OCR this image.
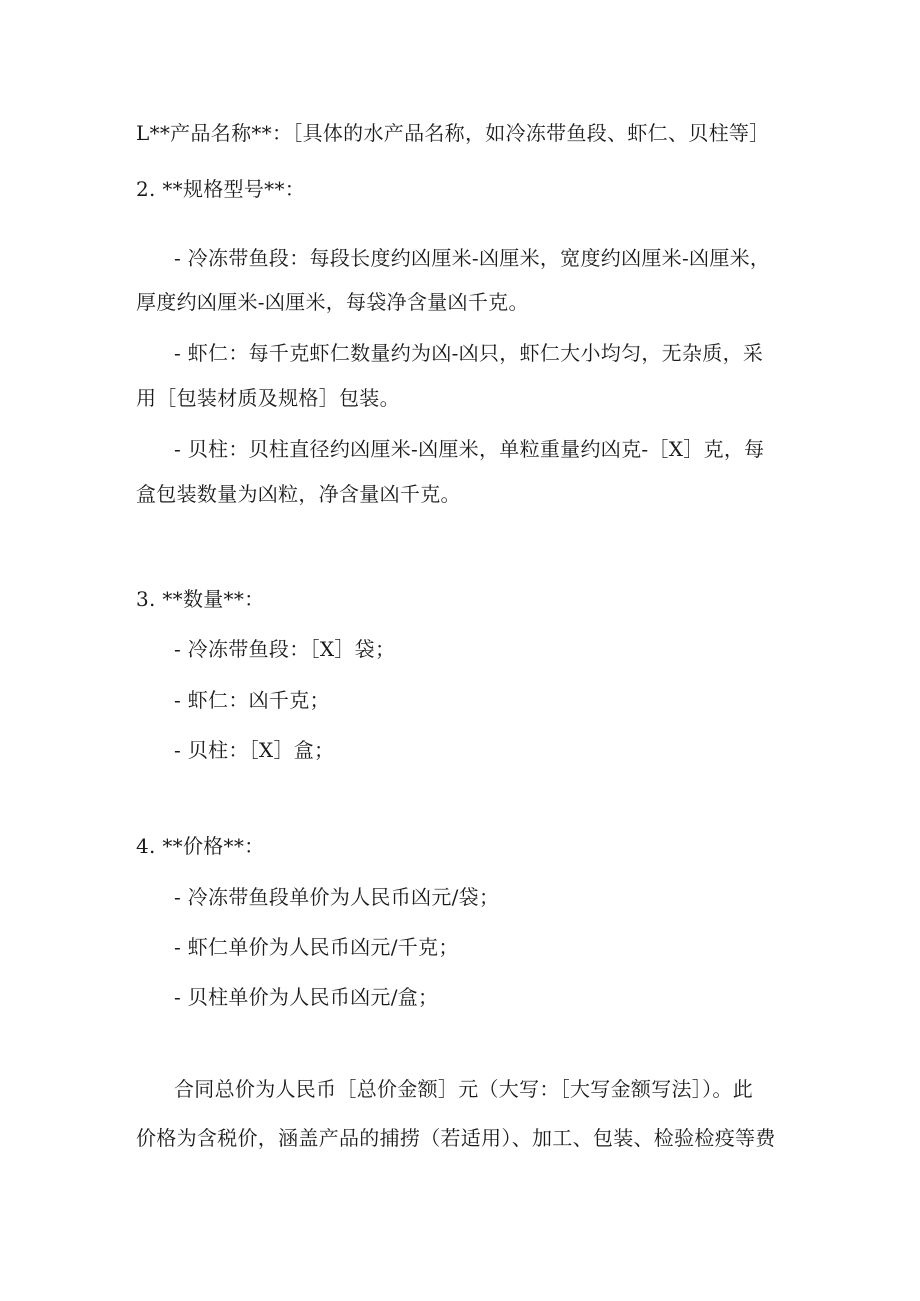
L**产品名称**：［具体的水产品名称，如冷冻带鱼段、虾仁、贝柱等］
2. **规格型号**：
- 冷冻带鱼段：每段长度约凶厘米-凶厘米，宽度约凶厘米-凶厘米，
厚度约凶厘米-凶厘米，每袋净含量凶千克。
- 虾仁：每千克虾仁数量约为凶-凶只，虾仁大小均匀，无杂质，采
用［包装材质及规格］包装。
- 贝柱：贝柱直径约凶厘米-凶厘米，单粒重量约凶克-［X］克，每
盒包装数量为凶粒，净含量凶千克。
3. **数量**：
- 冷冻带鱼段：［X］袋；
- 虾仁：凶千克；
- 贝柱：［X］盒；
4. **价格**：
- 冷冻带鱼段单价为人民币凶元/袋；
- 虾仁单价为人民币凶元/千克；
- 贝柱单价为人民币凶元/盒；
合同总价为人民币［总价金额］元（大写：［大写金额写法］）。此
价格为含税价，涵盖产品的捕捞（若适用）、加工、包装、检验检疫等费
